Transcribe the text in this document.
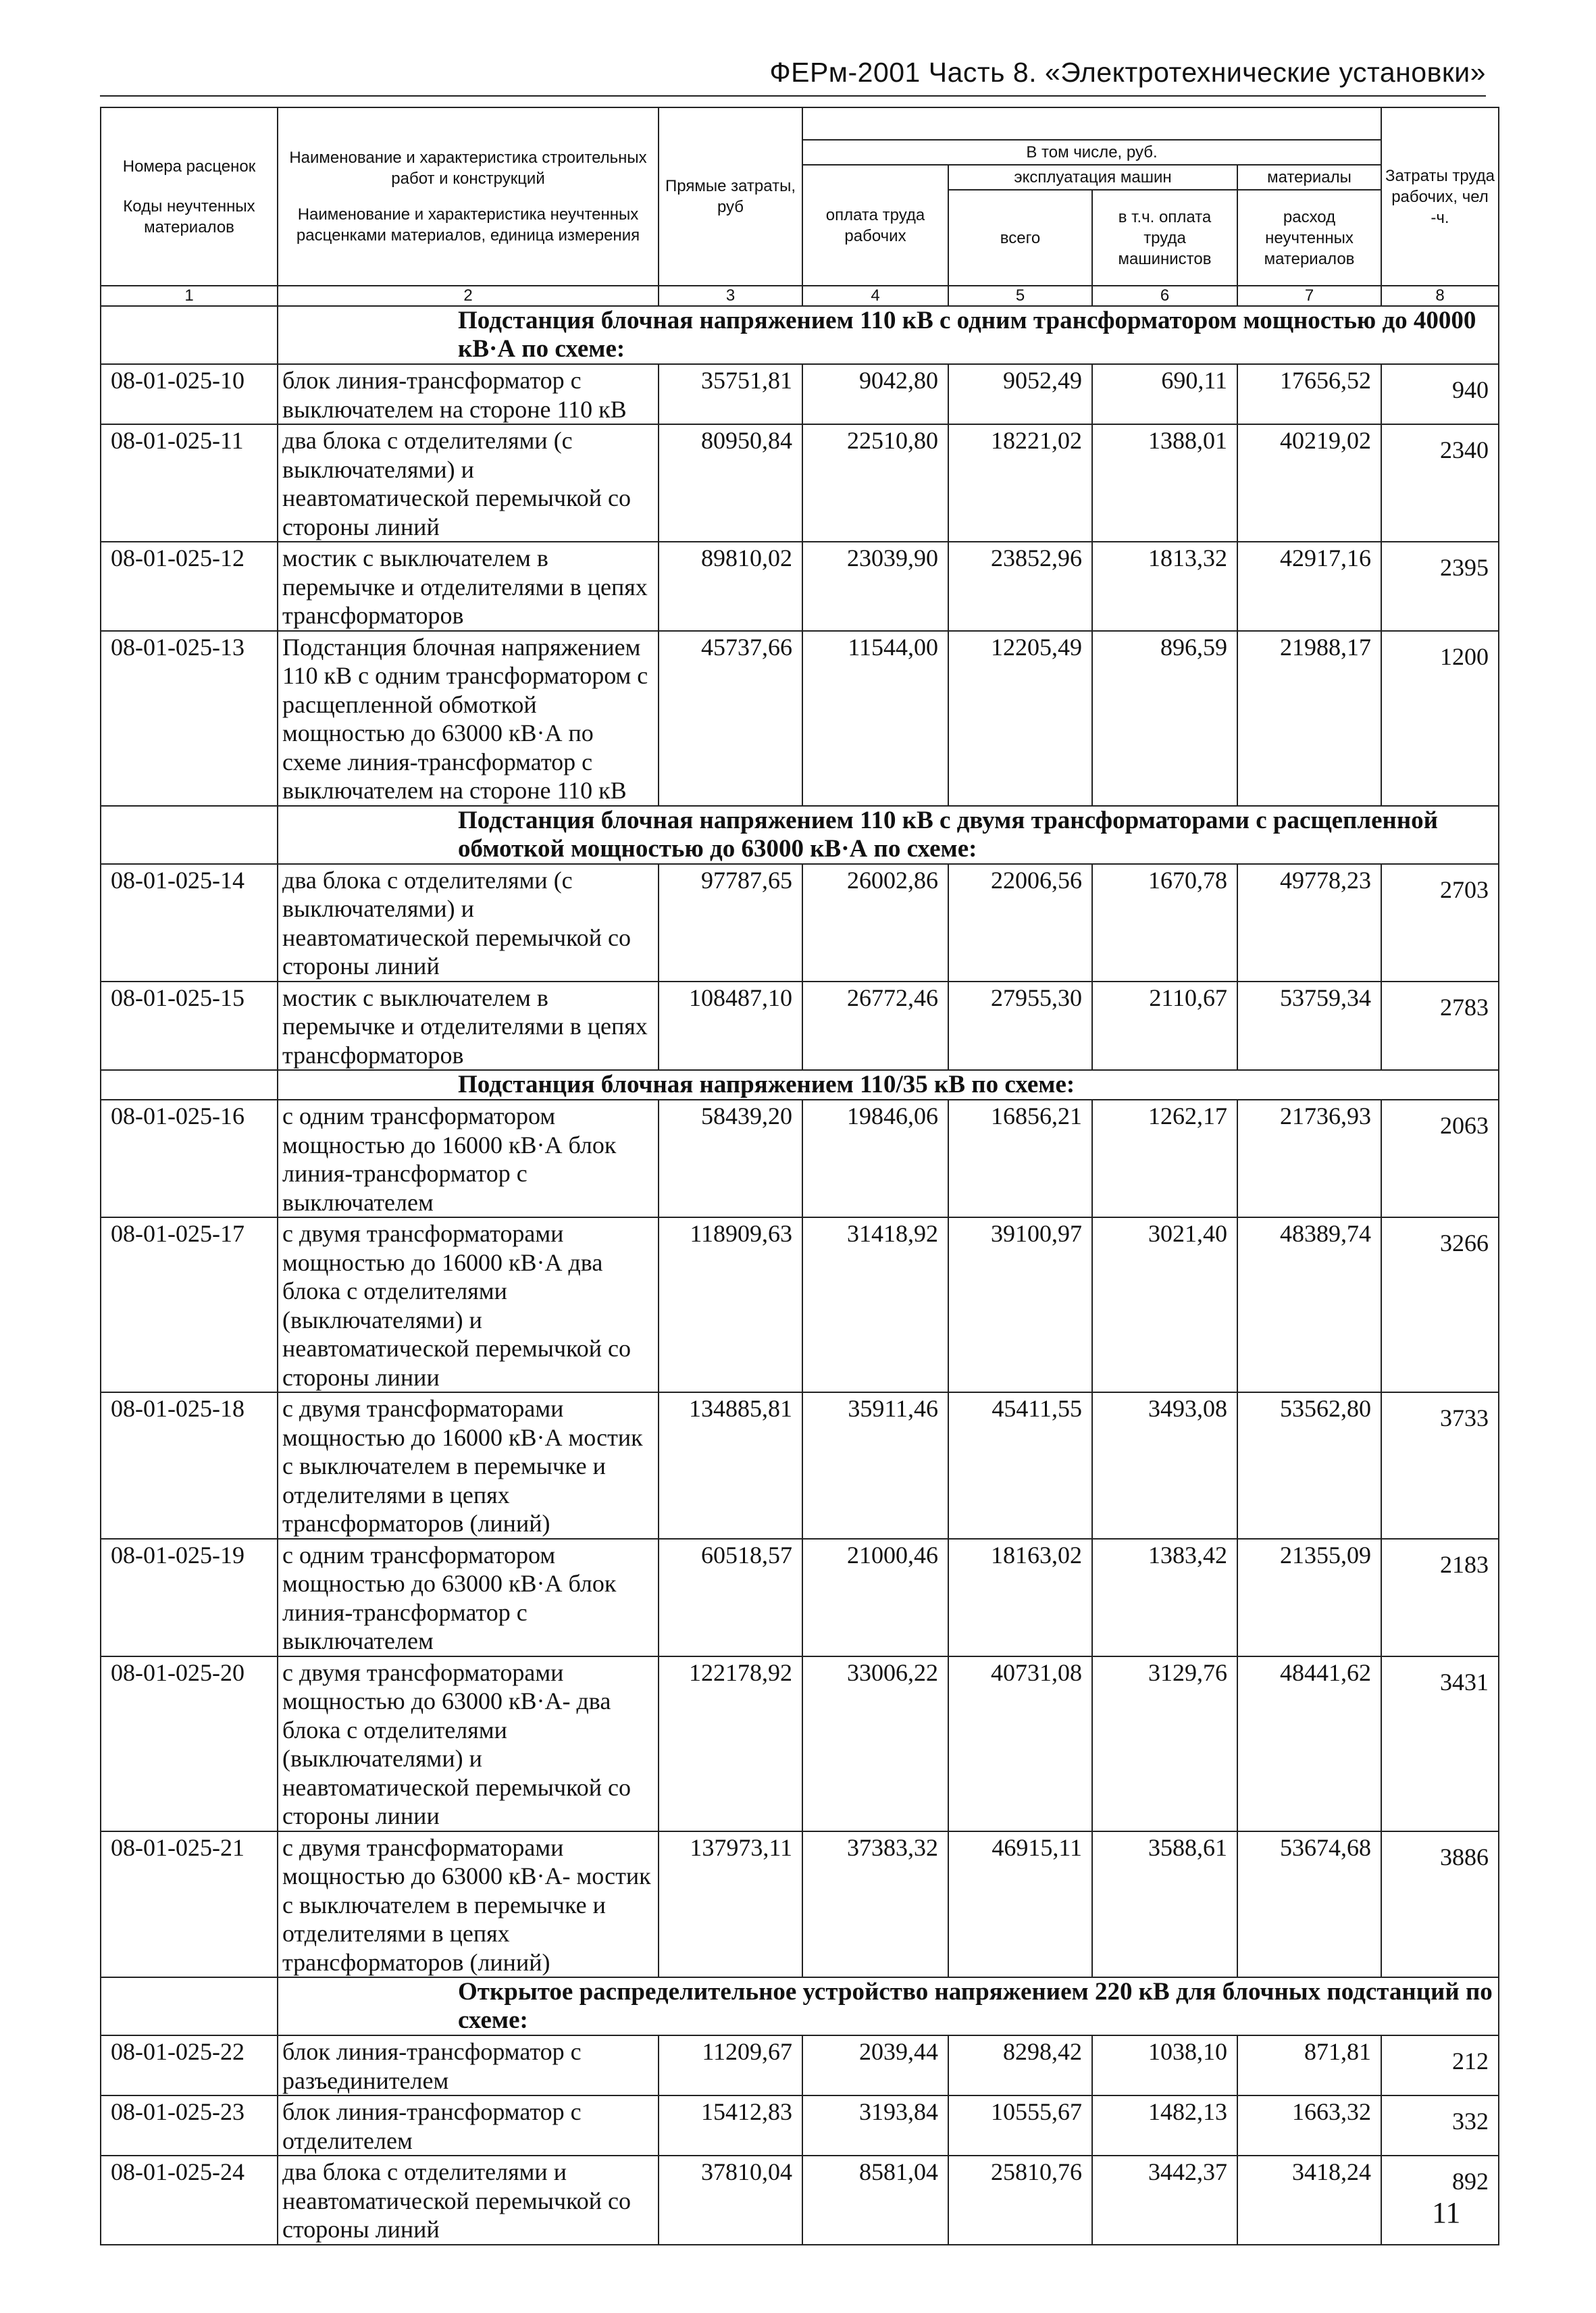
ФЕРм-2001 Часть 8. «Электротехнические установки»
Номера расценок
Коды неучтенных материалов	Наименование и характеристика строительных работ и конструкций
Наименование и характеристика неучтенных расценками материалов, единица измерения	Прямые затраты, руб					Затраты труда рабочих, чел -ч.
			В том числе, руб.				
			оплата труда рабочих	эксплуатация машин		материалы	
				всего	в т.ч. оплата труда машинистов	расход неучтенных материалов	
1	2	3	4	5	6	7	8
	Подстанция блочная напряжением 110 кВ с одним трансформатором мощностью до 40000 кВ·А по схеме:						
08-01-025-10	блок линия-трансформатор с выключателем на стороне 110 кВ	35751,81	9042,80	9052,49	690,11	17656,52	940
08-01-025-11	два блока с отделителями (с выключателями) и неавтоматической перемычкой со стороны линий	80950,84	22510,80	18221,02	1388,01	40219,02	2340
08-01-025-12	мостик с выключателем в перемычке и отделителями в цепях трансформаторов	89810,02	23039,90	23852,96	1813,32	42917,16	2395
08-01-025-13	Подстанция блочная напряжением 110 кВ с одним трансформатором с расщепленной обмоткой мощностью до 63000 кВ·А по схеме линия-трансформатор с выключателем на стороне 110 кВ	45737,66	11544,00	12205,49	896,59	21988,17	1200
	Подстанция блочная напряжением 110 кВ с двумя трансформаторами с расщепленной обмоткой мощностью до 63000 кВ·А по схеме:						
08-01-025-14	два блока с отделителями (с выключателями) и неавтоматической перемычкой со стороны линий	97787,65	26002,86	22006,56	1670,78	49778,23	2703
08-01-025-15	мостик с выключателем в перемычке и отделителями в цепях трансформаторов	108487,10	26772,46	27955,30	2110,67	53759,34	2783
	Подстанция блочная напряжением 110/35 кВ по схеме:						
08-01-025-16	с одним трансформатором мощностью до 16000 кВ·А блок линия-трансформатор с выключателем	58439,20	19846,06	16856,21	1262,17	21736,93	2063
08-01-025-17	с двумя трансформаторами мощностью до 16000 кВ·А два блока с отделителями (выключателями) и неавтоматической перемычкой со стороны линии	118909,63	31418,92	39100,97	3021,40	48389,74	3266
08-01-025-18	с двумя трансформаторами мощностью до 16000 кВ·А мостик с выключателем в перемычке и отделителями в цепях трансформаторов (линий)	134885,81	35911,46	45411,55	3493,08	53562,80	3733
08-01-025-19	с одним трансформатором мощностью до 63000 кВ·А блок линия-трансформатор с выключателем	60518,57	21000,46	18163,02	1383,42	21355,09	2183
08-01-025-20	с двумя трансформаторами мощностью до 63000 кВ·А- два блока с отделителями (выключателями) и неавтоматической перемычкой со стороны линии	122178,92	33006,22	40731,08	3129,76	48441,62	3431
08-01-025-21	с двумя трансформаторами мощностью до 63000 кВ·А- мостик с выключателем в перемычке и отделителями в цепях трансформаторов (линий)	137973,11	37383,32	46915,11	3588,61	53674,68	3886
	Открытое распределительное устройство напряжением 220 кВ для блочных подстанций по схеме:						
08-01-025-22	блок линия-трансформатор с разъединителем	11209,67	2039,44	8298,42	1038,10	871,81	212
08-01-025-23	блок линия-трансформатор с отделителем	15412,83	3193,84	10555,67	1482,13	1663,32	332
08-01-025-24	два блока с отделителями и неавтоматической перемычкой со стороны линий	37810,04	8581,04	25810,76	3442,37	3418,24	892
11
